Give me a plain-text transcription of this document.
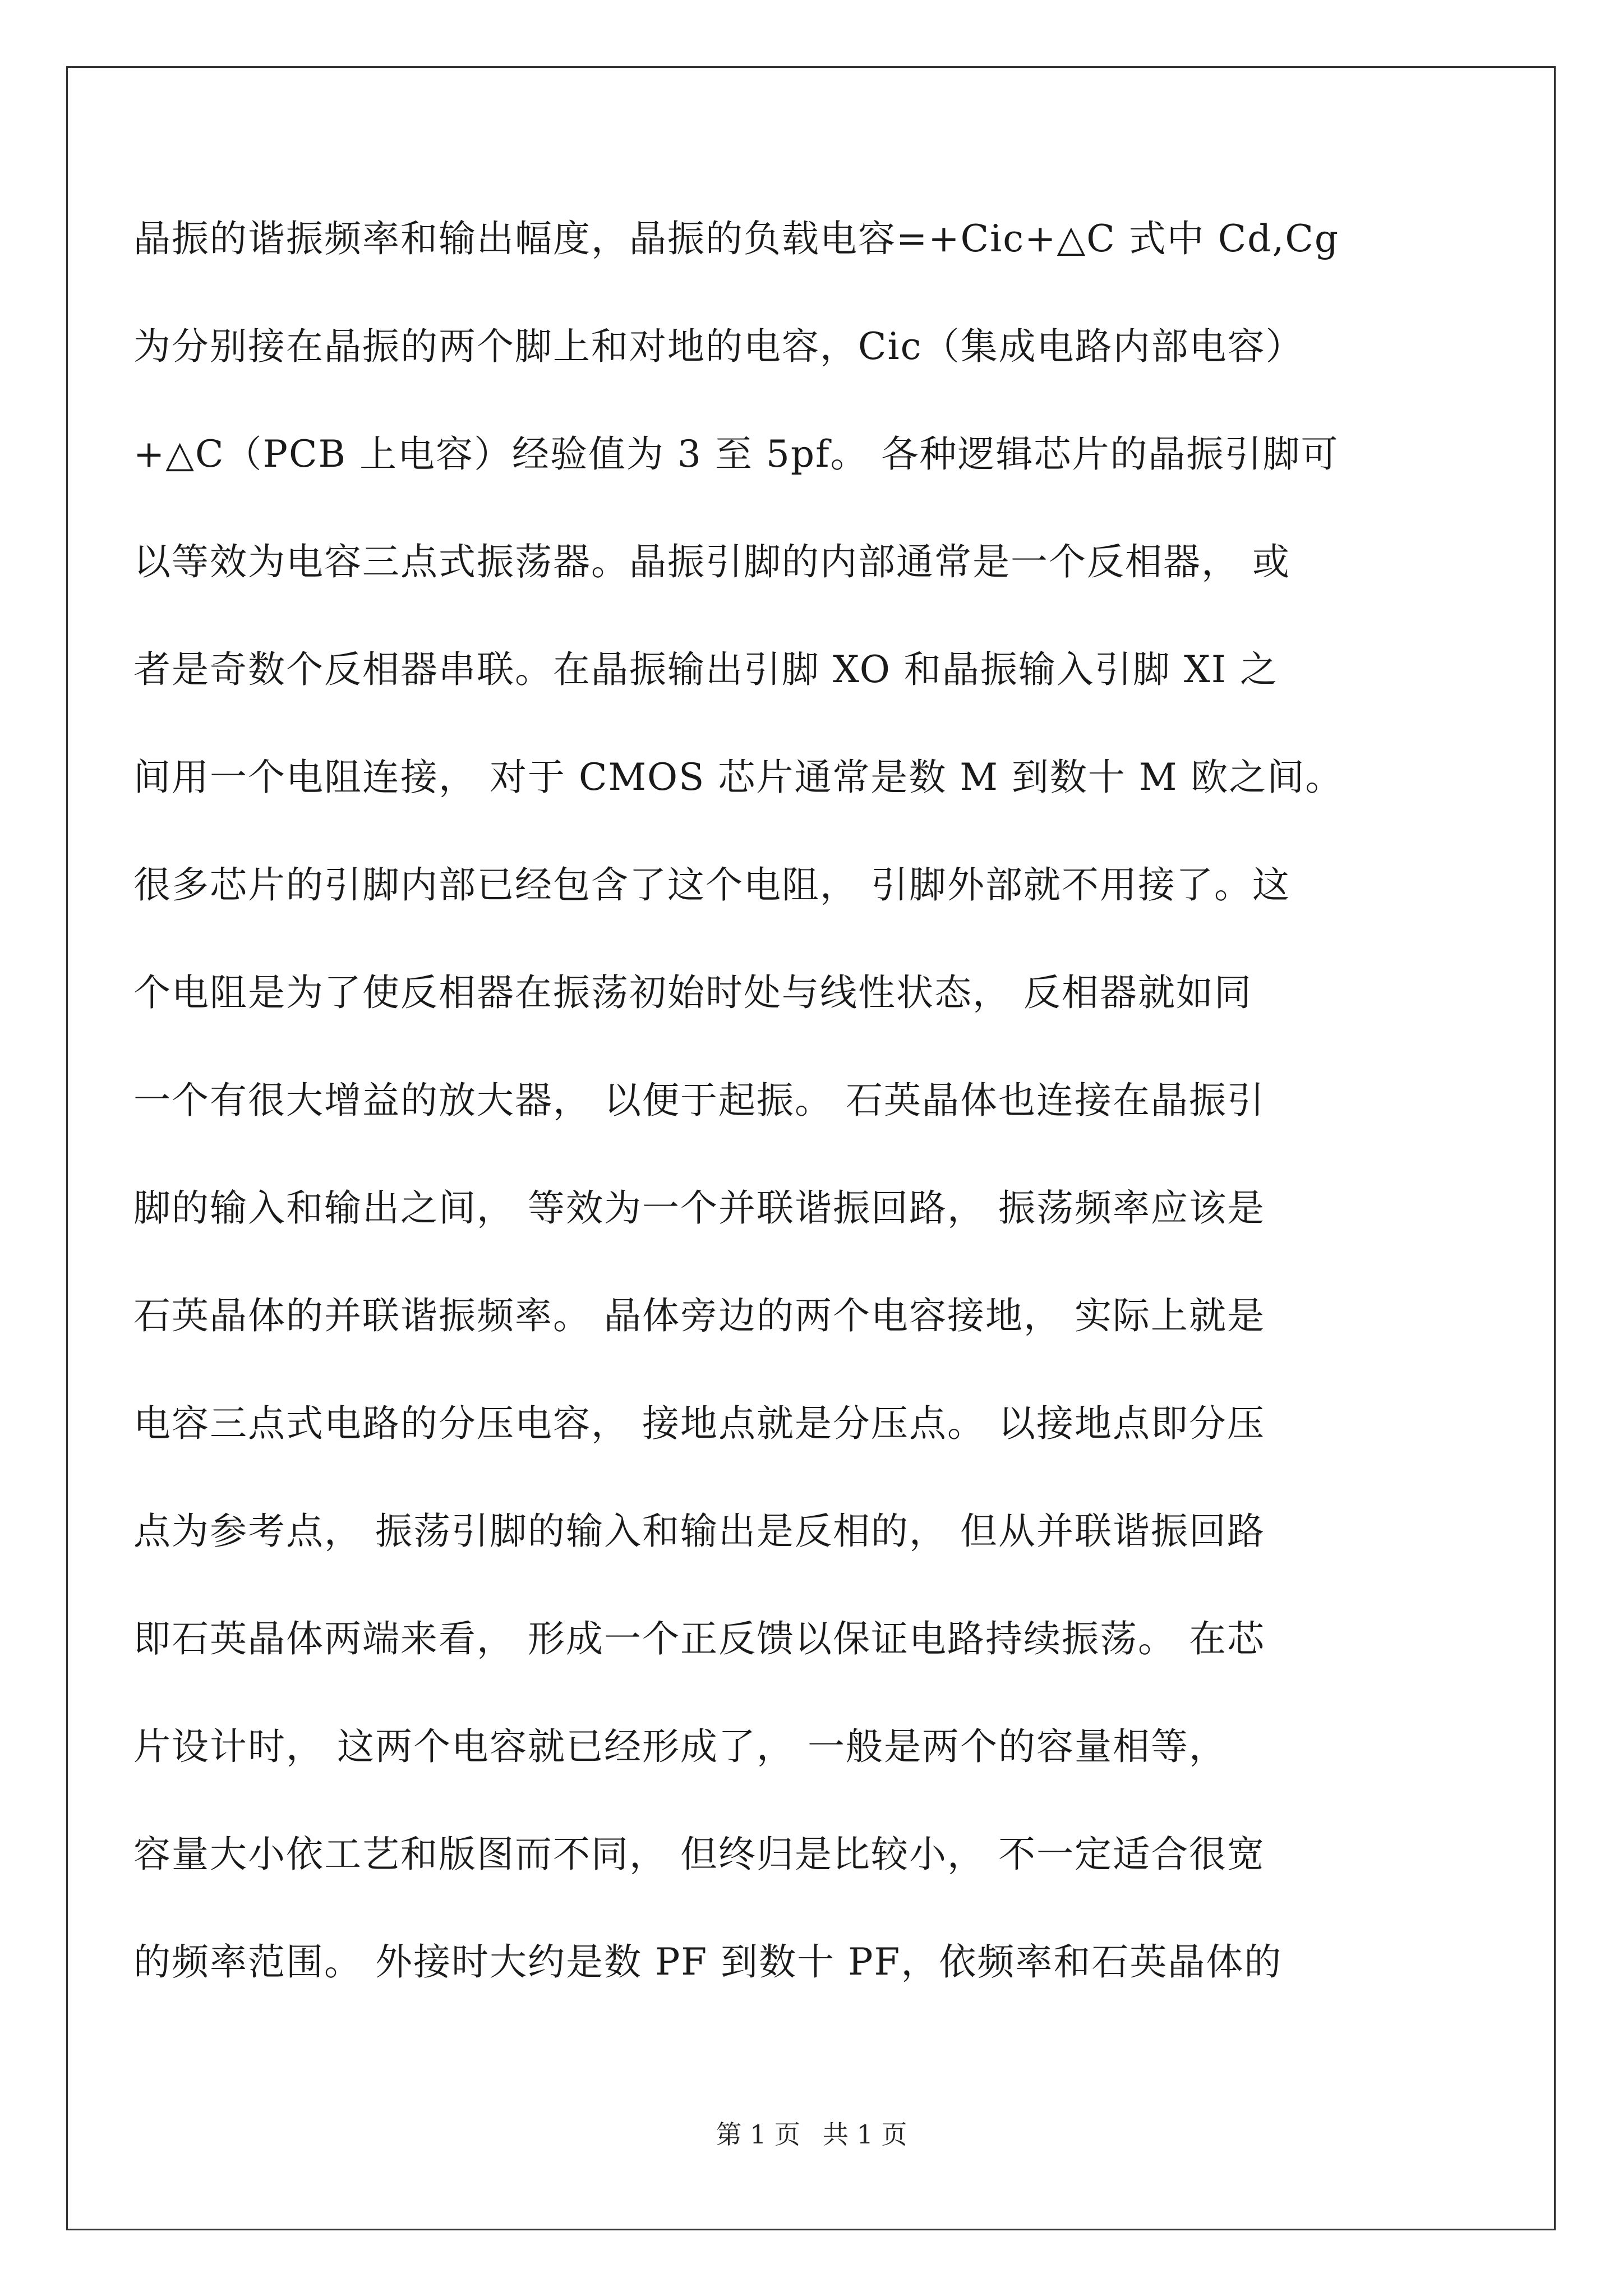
晶振的谐振频率和输出幅度，晶振的负载电容=+Cic+△C 式中 Cd,Cg
为分别接在晶振的两个脚上和对地的电容，Cic（集成电路内部电容）
+△C（PCB 上电容）经验值为 3 至 5pf。 各种逻辑芯片的晶振引脚可
以等效为电容三点式振荡器。晶振引脚的内部通常是一个反相器， 或
者是奇数个反相器串联。在晶振输出引脚 XO 和晶振输入引脚 XI 之
间用一个电阻连接， 对于 CMOS 芯片通常是数 M 到数十 M 欧之间。
很多芯片的引脚内部已经包含了这个电阻， 引脚外部就不用接了。这
个电阻是为了使反相器在振荡初始时处与线性状态， 反相器就如同
一个有很大增益的放大器， 以便于起振。 石英晶体也连接在晶振引
脚的输入和输出之间， 等效为一个并联谐振回路， 振荡频率应该是
石英晶体的并联谐振频率。 晶体旁边的两个电容接地， 实际上就是
电容三点式电路的分压电容， 接地点就是分压点。 以接地点即分压
点为参考点， 振荡引脚的输入和输出是反相的， 但从并联谐振回路
即石英晶体两端来看， 形成一个正反馈以保证电路持续振荡。 在芯
片设计时， 这两个电容就已经形成了， 一般是两个的容量相等，
容量大小依工艺和版图而不同， 但终归是比较小， 不一定适合很宽
的频率范围。 外接时大约是数 PF 到数十 PF，依频率和石英晶体的
第 1 页 共 1 页
